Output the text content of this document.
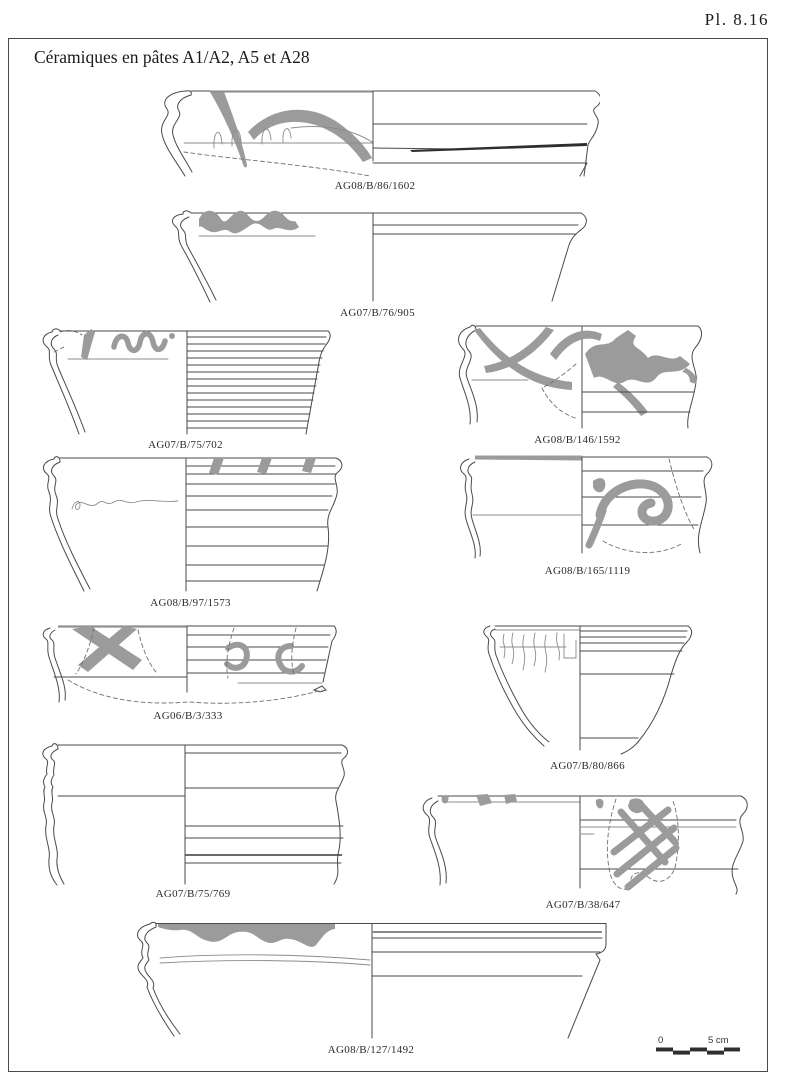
Pl. 8.16
Céramiques en pâtes A1/A2, A5 et A28
AG08/B/86/1602
AG07/B/76/905
AG07/B/75/702	AG08/B/146/1592
AG08/B/97/1573
AG08/B/165/1119
AG06/B/3/333
AG07/B/80/866
AG07/B/75/769
AG07/B/38/647
AG08/B/127/1492
0	5 cm
